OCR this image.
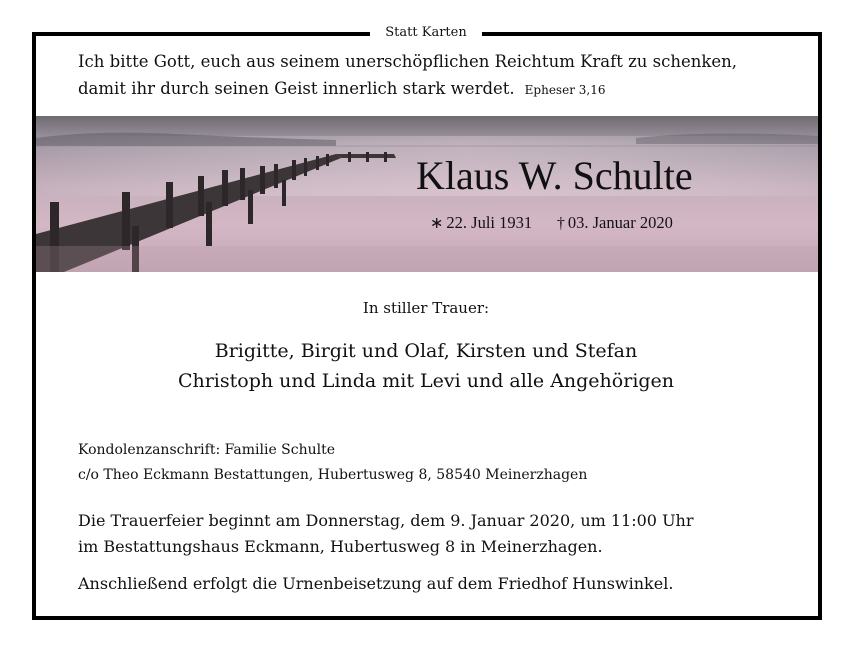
Statt Karten
Ich bitte Gott, euch aus seinem unerschöpflichen Reichtum Kraft zu schenken,
damit ihr durch seinen Geist innerlich stark werdet. Epheser 3,16
Klaus W. Schulte
∗ 22. Juli 1931 † 03. Januar 2020
In stiller Trauer:
Brigitte, Birgit und Olaf, Kirsten und Stefan
Christoph und Linda mit Levi und alle Angehörigen
Kondolenzanschrift: Familie Schulte
c/o Theo Eckmann Bestattungen, Hubertusweg 8, 58540 Meinerzhagen
Die Trauerfeier beginnt am Donnerstag, dem 9. Januar 2020, um 11:00 Uhr
im Bestattungshaus Eckmann, Hubertusweg 8 in Meinerzhagen.
Anschließend erfolgt die Urnenbeisetzung auf dem Friedhof Hunswinkel.
